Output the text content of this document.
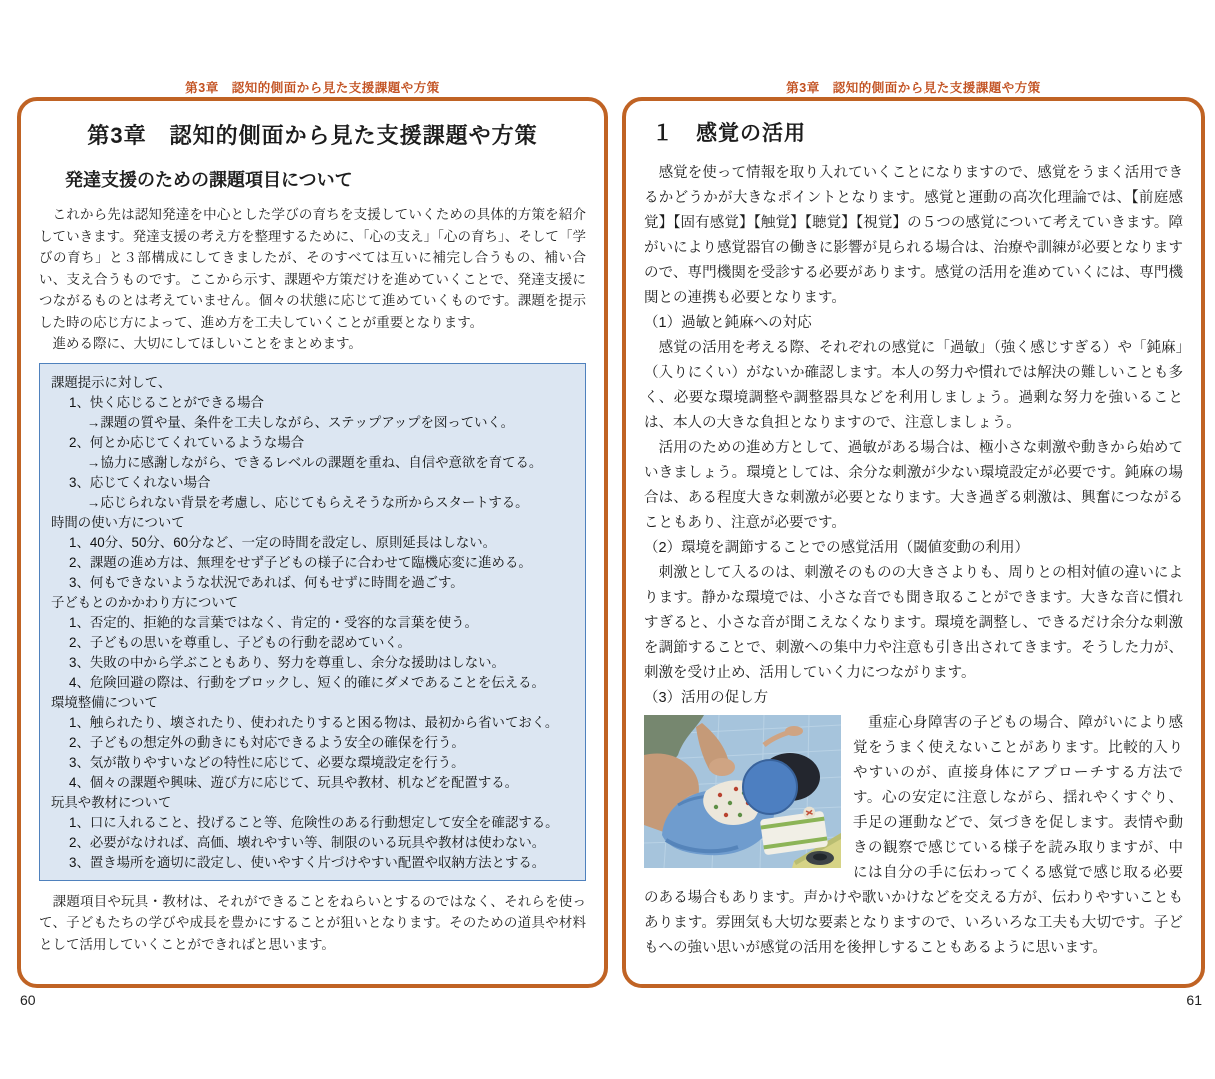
第3章　認知的側面から見た支援課題や方策	第3章　認知的側面から見た支援課題や方策
第3章　認知的側面から見た支援課題や方策
発達支援のための課題項目について
　これから先は認知発達を中心とした学びの育ちを支援していくための具体的方策を紹介していきます。発達支援の考え方を整理するために、「心の支え」「心の育ち」、そして「学びの育ち」と３部構成にしてきましたが、そのすべては互いに補完し合うもの、補い合い、支え合うものです。ここから示す、課題や方策だけを進めていくことで、発達支援につながるものとは考えていません。個々の状態に応じて進めていくものです。課題を提示した時の応じ方によって、進め方を工夫していくことが重要となります。
　進める際に、大切にしてほしいことをまとめます。
課題提示に対して、
1、快く応じることができる場合
→課題の質や量、条件を工夫しながら、ステップアップを図っていく。
2、何とか応じてくれているような場合
→協力に感謝しながら、できるレベルの課題を重ね、自信や意欲を育てる。
3、応じてくれない場合
→応じられない背景を考慮し、応じてもらえそうな所からスタートする。
時間の使い方について
1、40分、50分、60分など、一定の時間を設定し、原則延長はしない。
2、課題の進め方は、無理をせず子どもの様子に合わせて臨機応変に進める。
3、何もできないような状況であれば、何もせずに時間を過ごす。
子どもとのかかわり方について
1、否定的、拒絶的な言葉ではなく、肯定的・受容的な言葉を使う。
2、子どもの思いを尊重し、子どもの行動を認めていく。
3、失敗の中から学ぶこともあり、努力を尊重し、余分な援助はしない。
4、危険回避の際は、行動をブロックし、短く的確にダメであることを伝える。
環境整備について
1、触られたり、壊されたり、使われたりすると困る物は、最初から省いておく。
2、子どもの想定外の動きにも対応できるよう安全の確保を行う。
3、気が散りやすいなどの特性に応じて、必要な環境設定を行う。
4、個々の課題や興味、遊び方に応じて、玩具や教材、机などを配置する。
玩具や教材について
1、口に入れること、投げること等、危険性のある行動想定して安全を確認する。
2、必要がなければ、高価、壊れやすい等、制限のいる玩具や教材は使わない。
3、置き場所を適切に設定し、使いやすく片づけやすい配置や収納方法とする。
　課題項目や玩具・教材は、それができることをねらいとするのではなく、それらを使って、子どもたちの学びや成長を豊かにすることが狙いとなります。そのための道具や材料として活用していくことができればと思います。
１　感覚の活用
　感覚を使って情報を取り入れていくことになりますので、感覚をうまく活用できるかどうかが大きなポイントとなります。感覚と運動の高次化理論では、【前庭感覚】【固有感覚】【触覚】【聴覚】【視覚】の５つの感覚について考えていきます。障がいにより感覚器官の働きに影響が見られる場合は、治療や訓練が必要となりますので、専門機関を受診する必要があります。感覚の活用を進めていくには、専門機関との連携も必要となります。
（1）過敏と鈍麻への対応
　感覚の活用を考える際、それぞれの感覚に「過敏」（強く感じすぎる）や「鈍麻」（入りにくい）がないか確認します。本人の努力や慣れでは解決の難しいことも多く、必要な環境調整や調整器具などを利用しましょう。過剰な努力を強いることは、本人の大きな負担となりますので、注意しましょう。
　活用のための進め方として、過敏がある場合は、極小さな刺激や動きから始めていきましょう。環境としては、余分な刺激が少ない環境設定が必要です。鈍麻の場合は、ある程度大きな刺激が必要となります。大き過ぎる刺激は、興奮につながることもあり、注意が必要です。
（2）環境を調節することでの感覚活用（閾値変動の利用）
　刺激として入るのは、刺激そのものの大きさよりも、周りとの相対値の違いによります。静かな環境では、小さな音でも聞き取ることができます。大きな音に慣れすぎると、小さな音が聞こえなくなります。環境を調整し、できるだけ余分な刺激を調節することで、刺激への集中力や注意も引き出されてきます。そうした力が、刺激を受け止め、活用していく力につながります。
（3）活用の促し方
　重症心身障害の子どもの場合、障がいにより感覚をうまく使えないことがあります。比較的入りやすいのが、直接身体にアプローチする方法です。心の安定に注意しながら、揺れやくすぐり、手足の運動などで、気づきを促します。表情や動きの観察で感じている様子を読み取りますが、中には自分の手に伝わってくる感覚で感じ取る必要のある場合もあります。声かけや歌いかけなどを交える方が、伝わりやすいこともあります。雰囲気も大切な要素となりますので、いろいろな工夫も大切です。子どもへの強い思いが感覚の活用を後押しすることもあるように思います。
60	61
